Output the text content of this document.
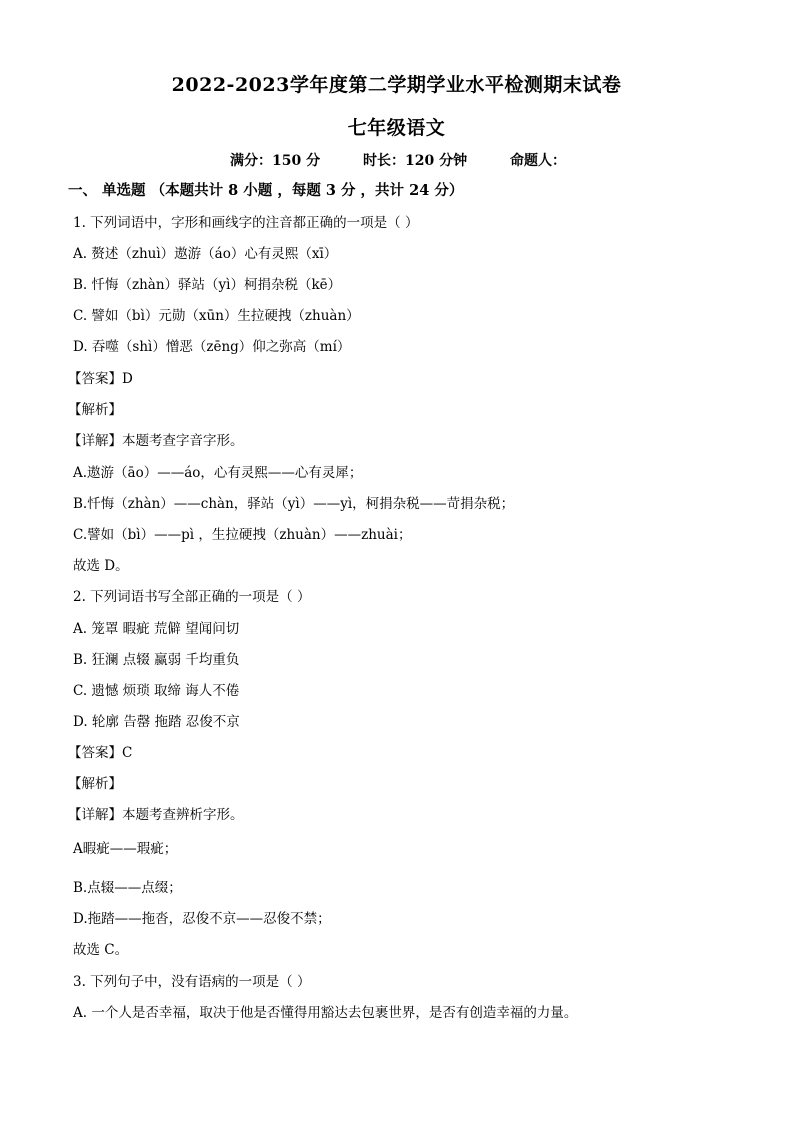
2022-2023学年度第二学期学业水平检测期末试卷
七年级语文
满分：150 分	时长：120 分钟	命题人：
一、 单选题 （本题共计 8 小题 ，每题 3 分 ，共计 24 分）
1. 下列词语中，字形和画线字的注音都正确的一项是（ ）
A. 赘述（zhuì）遨游（áo）心有灵熙（xī）
B. 忏悔（zhàn）驿站（yì）柯捐杂税（kē）
C. 譬如（bì）元勋（xūn）生拉硬拽（zhuàn）
D. 吞噬（shì）憎恶（zēng）仰之弥高（mí）
【答案】D
【解析】
【详解】本题考查字音字形。
A.遨游（āo）——áo，心有灵熙——心有灵犀；
B.忏悔（zhàn）——chàn，驿站（yì）——yì，柯捐杂税——苛捐杂税；
C.譬如（bì）——pì ，生拉硬拽（zhuàn）——zhuài；
故选 D。
2. 下列词语书写全部正确的一项是（ ）
A. 笼罩 暇疵 荒僻 望闻问切
B. 狂澜 点辍 赢弱 千均重负
C. 遗憾 烦琐 取缔 诲人不倦
D. 轮廓 告罄 拖踏 忍俊不京
【答案】C
【解析】
【详解】本题考查辨析字形。
A暇疵——瑕疵；
B.点辍——点缀；
D.拖踏——拖沓，忍俊不京——忍俊不禁；
故选 C。
3. 下列句子中，没有语病的一项是（ ）
A. 一个人是否幸福，取决于他是否懂得用豁达去包裹世界，是否有创造幸福的力量。
